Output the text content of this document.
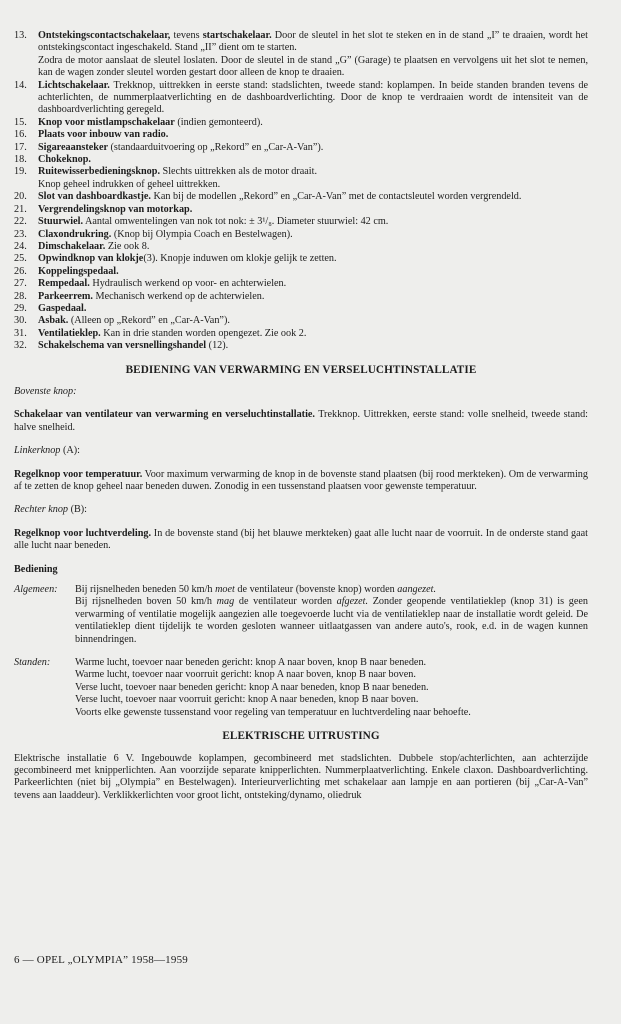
13.	Ontstekingscontactschakelaar, tevens startschakelaar. Door de sleutel in het slot te steken en in de stand „I” te draaien, wordt het ontstekingscontact ingeschakeld. Stand „II” dient om te starten.

Zodra de motor aanslaat de sleutel loslaten. Door de sleutel in de stand „G” (Garage) te plaatsen en vervolgens uit het slot te nemen, kan de wagen zonder sleutel worden gestart door alleen de knop te draaien.

14.	Lichtschakelaar. Trekknop, uittrekken in eerste stand: stadslichten, tweede stand: koplampen. In beide standen branden tevens de achterlichten, de nummerplaatverlichting en de dashboardverlichting. Door de knop te verdraaien wordt de intensiteit van de dashboardverlichting geregeld.
15.	Knop voor mistlampschakelaar (indien gemonteerd).
16.	Plaats voor inbouw van radio.
17.	Sigareaansteker (standaarduitvoering op „Rekord” en „Car-A-Van”).
18.	Chokeknop.
19.	Ruitewisserbedieningsknop. Slechts uittrekken als de motor draait.

Knop geheel indrukken of geheel uittrekken.

20.	Slot van dashboardkastje. Kan bij de modellen „Rekord” en „Car-A-Van” met de contactsleutel worden vergrendeld.
21.	Vergrendelingsknop van motorkap.
22.	Stuurwiel. Aantal omwentelingen van nok tot nok: ± 3¹/₈. Diameter stuurwiel: 42 cm.
23.	Claxondrukring. (Knop bij Olympia Coach en Bestelwagen).
24.	Dimschakelaar. Zie ook 8.
25.	Opwindknop van klokje(3). Knopje induwen om klokje gelijk te zetten.
26.	Koppelingspedaal.
27.	Rempedaal. Hydraulisch werkend op voor- en achterwielen.
28.	Parkeerrem. Mechanisch werkend op de achterwielen.
29.	Gaspedaal.
30.	Asbak. (Alleen op „Rekord” en „Car-A-Van”).
31.	Ventilatieklep. Kan in drie standen worden opengezet. Zie ook 2.
32.	Schakelschema van versnellingshandel (12).
BEDIENING VAN VERWARMING EN VERSELUCHTINSTALLATIE
Bovenste knop:
Schakelaar van ventilateur van verwarming en verseluchtinstallatie. Trekknop. Uittrekken, eerste stand: volle snelheid, tweede stand: halve snelheid.
Linkerknop (A):
Regelknop voor temperatuur. Voor maximum verwarming de knop in de bovenste stand plaatsen (bij rood merkteken). Om de verwarming af te zetten de knop geheel naar beneden duwen. Zonodig in een tussenstand plaatsen voor gewenste temperatuur.
Rechter knop (B):
Regelknop voor luchtverdeling. In de bovenste stand (bij het blauwe merkteken) gaat alle lucht naar de voorruit. In de onderste stand gaat alle lucht naar beneden.
Bediening
Algemeen:	Bij rijsnelheden beneden 50 km/h moet de ventilateur (bovenste knop) worden aangezet.

Bij rijsnelheden boven 50 km/h mag de ventilateur worden afgezet. Zonder geopende ventilatieklep (knop 31) is geen verwarming of ventilatie mogelijk aangezien alle toegevoerde lucht via de ventilatieklep naar de installatie wordt geleid. De ventilatieklep dient tijdelijk te worden gesloten wanneer uitlaatgassen van andere auto's, rook, e.d. in de wagen kunnen binnendringen.

Standen:	Warme lucht, toevoer naar beneden gericht: knop A naar boven, knop B naar beneden.

Warme lucht, toevoer naar voorruit gericht: knop A naar boven, knop B naar boven.

Verse lucht, toevoer naar beneden gericht: knop A naar beneden, knop B naar beneden.

Verse lucht, toevoer naar voorruit gericht: knop A naar beneden, knop B naar boven.

Voorts elke gewenste tussenstand voor regeling van temperatuur en luchtverdeling naar behoefte.

ELEKTRISCHE UITRUSTING
Elektrische installatie 6 V. Ingebouwde koplampen, gecombineerd met stadslichten. Dubbele stop/achterlichten, aan achterzijde gecombineerd met knipperlichten. Aan voorzijde separate knipperlichten. Nummerplaatverlichting. Enkele claxon. Dashboardverlichting. Parkeerlichten (niet bij „Olympia” en Bestelwagen). Interieurverlichting met schakelaar aan lampje en aan portieren (bij „Car-A-Van” tevens aan laaddeur). Verklikkerlichten voor groot licht, ontsteking/dynamo, oliedruk
6 — OPEL „OLYMPIA” 1958—1959
